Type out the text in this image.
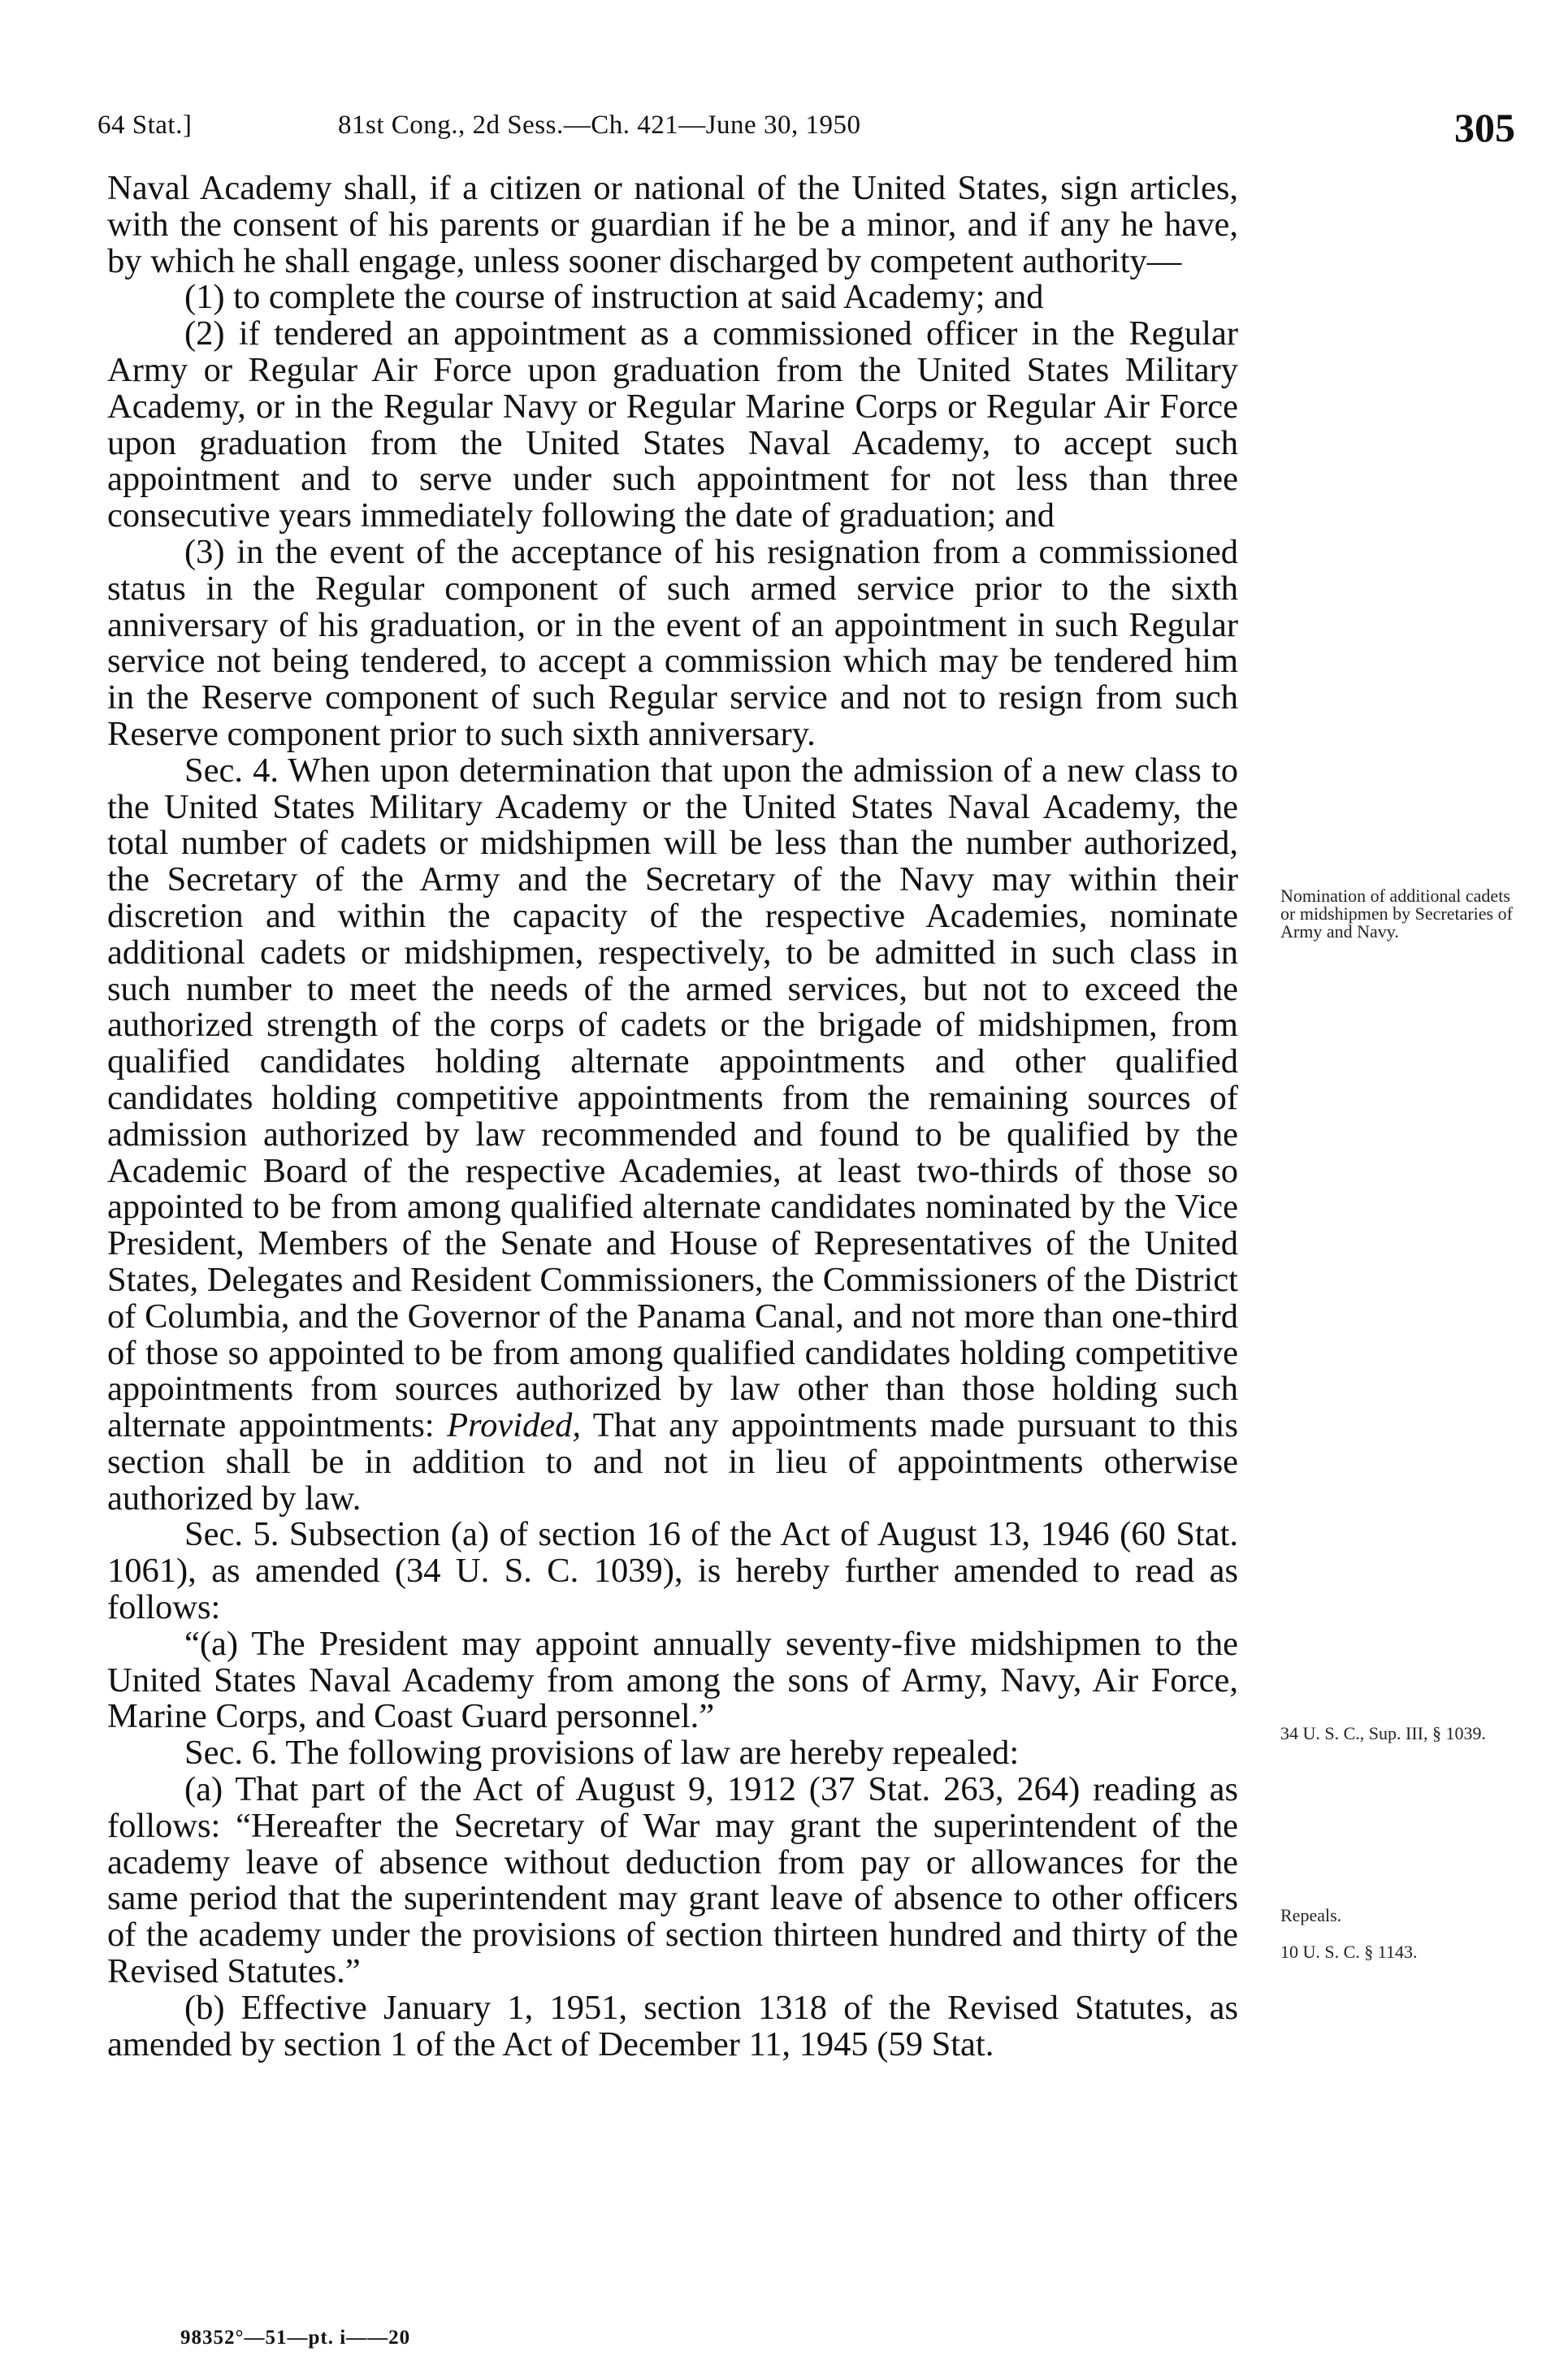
64 Stat.]	81st Cong., 2d Sess.—Ch. 421—June 30, 1950	305

Naval Academy shall, if a citizen or national of the United States, sign articles, with the consent of his parents or guardian if he be a minor, and if any he have, by which he shall engage, unless sooner discharged by competent authority—

(1) to complete the course of instruction at said Academy; and

(2) if tendered an appointment as a commissioned officer in the Regular Army or Regular Air Force upon graduation from the United States Military Academy, or in the Regular Navy or Regular Marine Corps or Regular Air Force upon graduation from the United States Naval Academy, to accept such appointment and to serve under such appointment for not less than three consecutive years immediately following the date of graduation; and

(3) in the event of the acceptance of his resignation from a commissioned status in the Regular component of such armed service prior to the sixth anniversary of his graduation, or in the event of an appointment in such Regular service not being tendered, to accept a commission which may be tendered him in the Reserve component of such Regular service and not to resign from such Reserve component prior to such sixth anniversary.

Sec. 4. When upon determination that upon the admission of a new class to the United States Military Academy or the United States Naval Academy, the total number of cadets or midshipmen will be less than the number authorized, the Secretary of the Army and the Secretary of the Navy may within their discretion and within the capacity of the respective Academies, nominate additional cadets or midshipmen, respectively, to be admitted in such class in such number to meet the needs of the armed services, but not to exceed the authorized strength of the corps of cadets or the brigade of midshipmen, from qualified candidates holding alternate appointments and other qualified candidates holding competitive appointments from the remaining sources of admission authorized by law recommended and found to be qualified by the Academic Board of the respective Academies, at least two-thirds of those so appointed to be from among qualified alternate candidates nominated by the Vice President, Members of the Senate and House of Representatives of the United States, Delegates and Resident Commissioners, the Commissioners of the District of Columbia, and the Governor of the Panama Canal, and not more than one-third of those so appointed to be from among qualified candidates holding competitive appointments from sources authorized by law other than those holding such alternate appointments: Provided, That any appointments made pursuant to this section shall be in addition to and not in lieu of appointments otherwise authorized by law.

Sec. 5. Subsection (a) of section 16 of the Act of August 13, 1946 (60 Stat. 1061), as amended (34 U. S. C. 1039), is hereby further amended to read as follows:

“(a) The President may appoint annually seventy-five midshipmen to the United States Naval Academy from among the sons of Army, Navy, Air Force, Marine Corps, and Coast Guard personnel.”

Sec. 6. The following provisions of law are hereby repealed:

(a) That part of the Act of August 9, 1912 (37 Stat. 263, 264) reading as follows: “Hereafter the Secretary of War may grant the superintendent of the academy leave of absence without deduction from pay or allowances for the same period that the superintendent may grant leave of absence to other officers of the academy under the provisions of section thirteen hundred and thirty of the Revised Statutes.”

(b) Effective January 1, 1951, section 1318 of the Revised Statutes, as amended by section 1 of the Act of December 11, 1945 (59 Stat.

Nomination of additional cadets or midshipmen by Secretaries of Army and Navy.
34 U. S. C., Sup. III, § 1039.
Repeals.
10 U. S. C. § 1143.
98352°—51—pt. i——20
